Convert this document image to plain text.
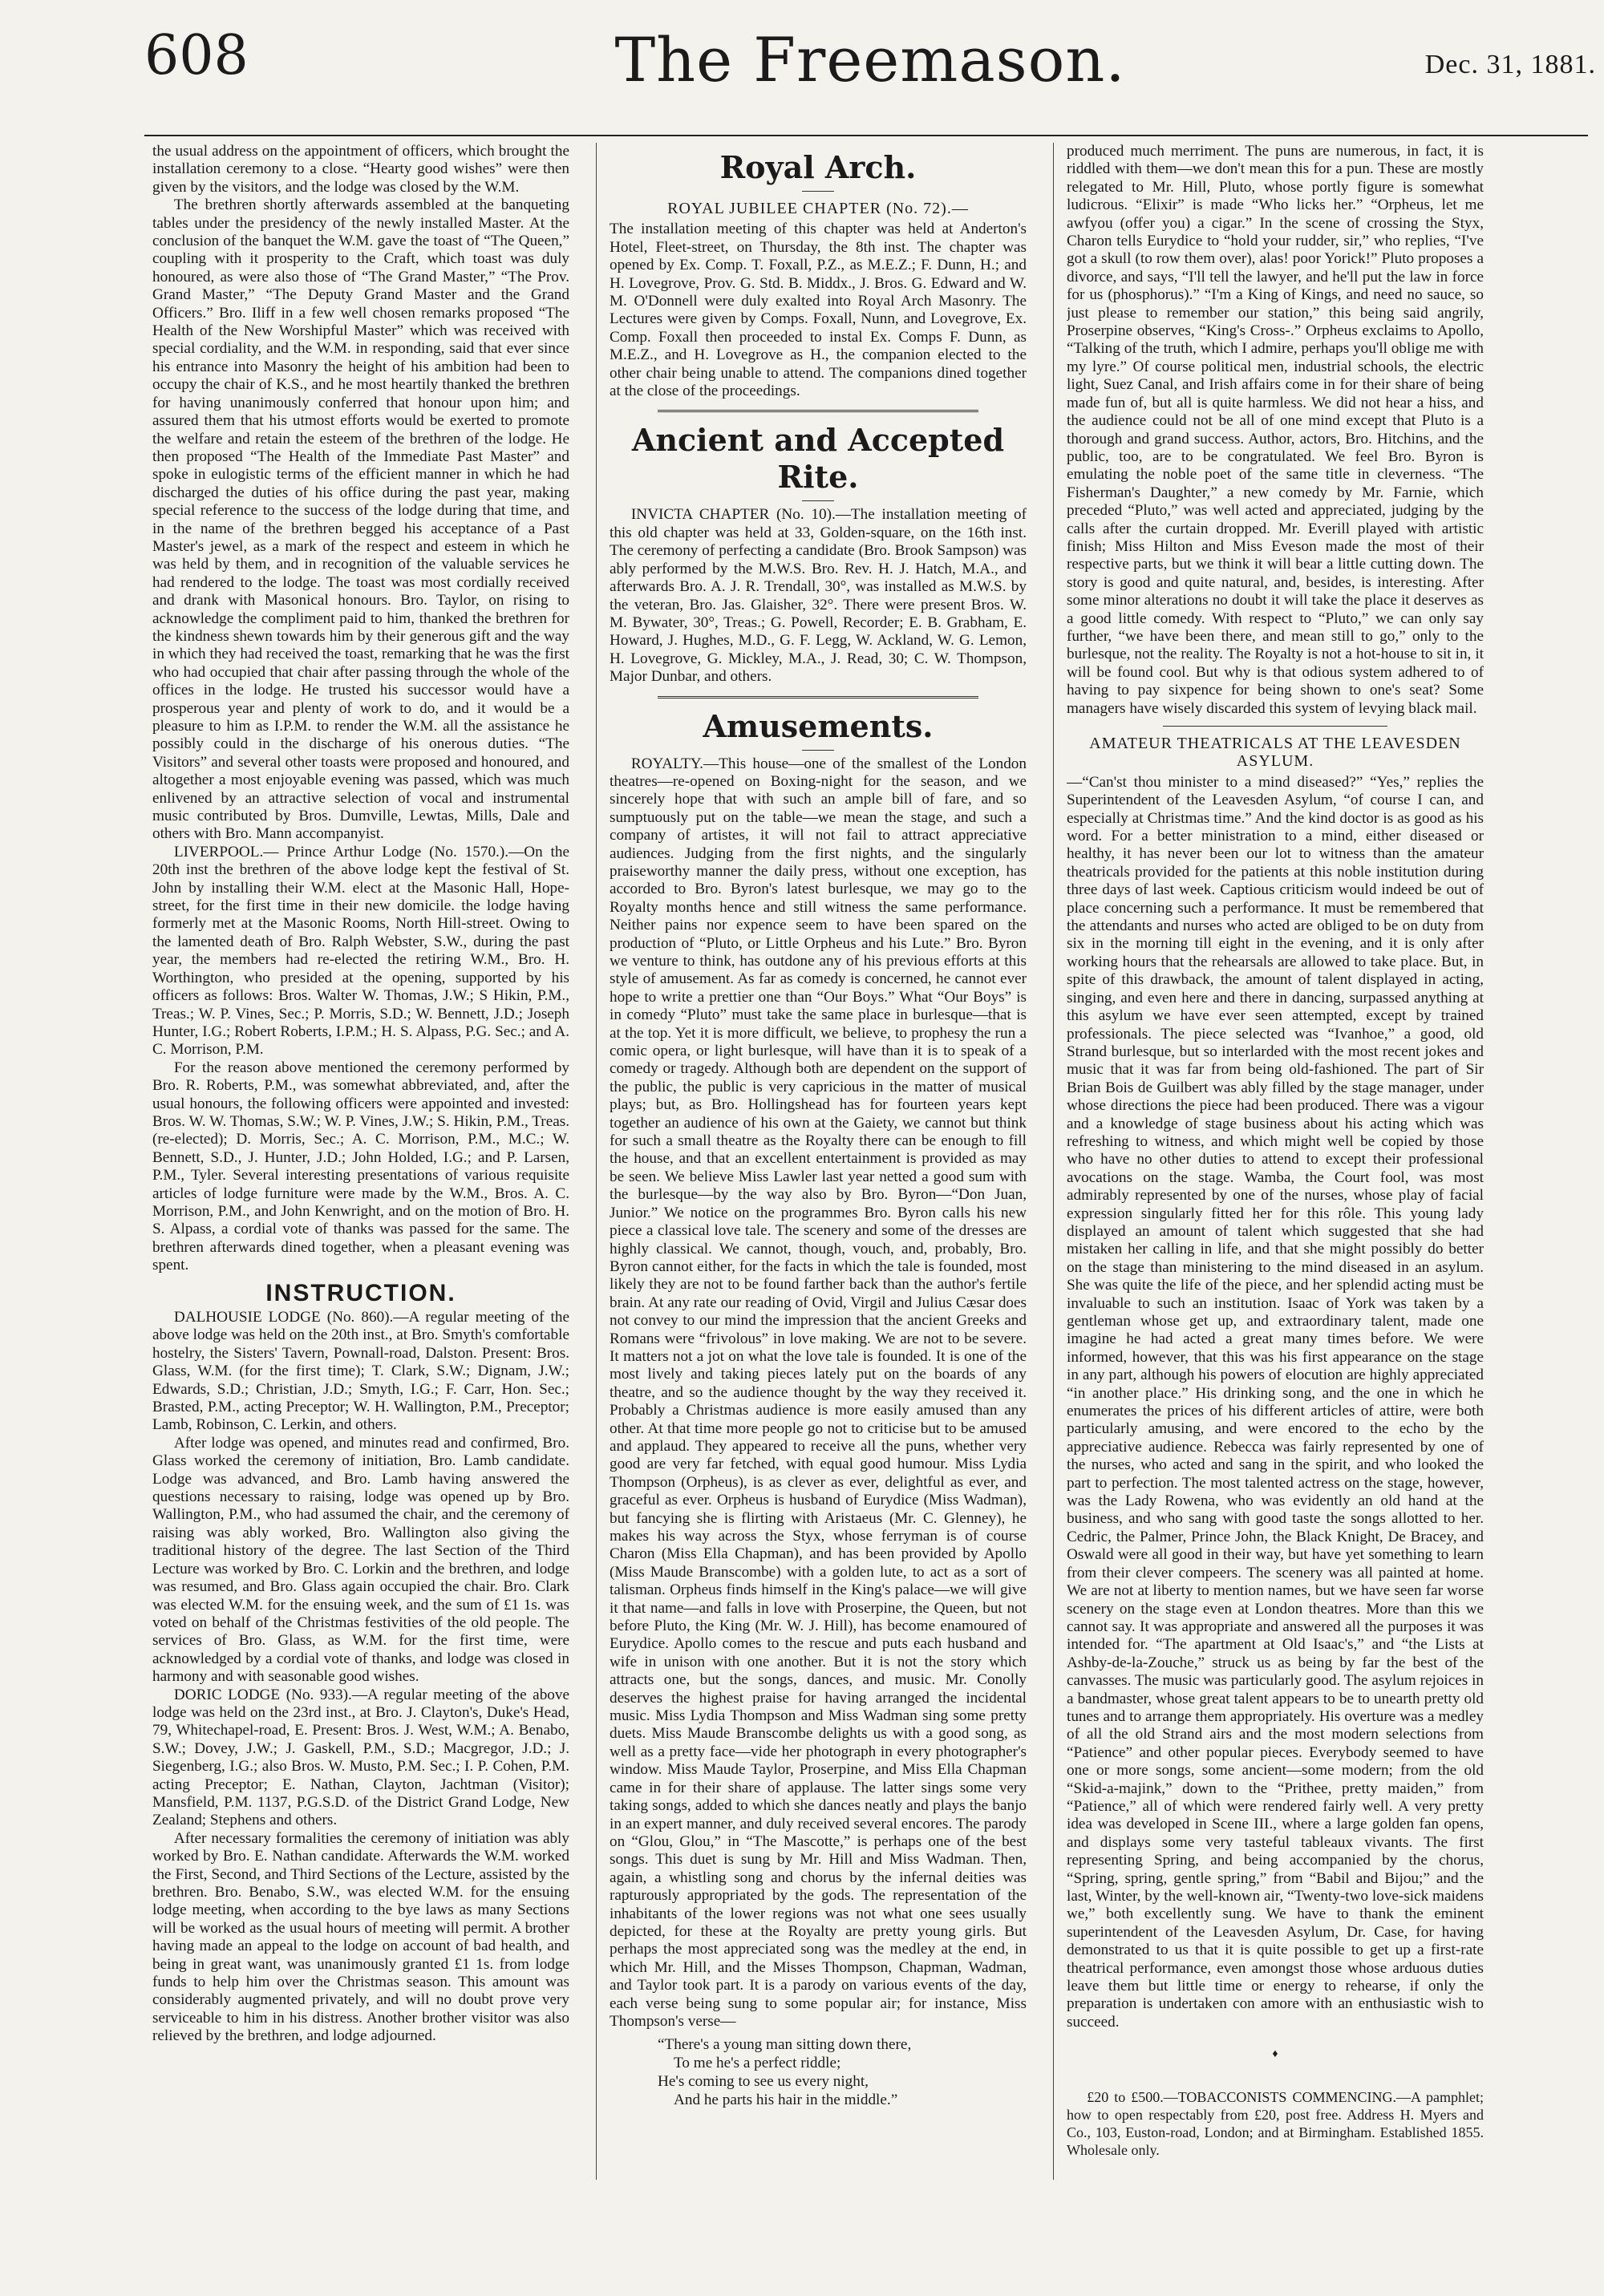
608	The Freemason.	Dec. 31, 1881.

the usual address on the appointment of officers, which brought the installation ceremony to a close. “Hearty good wishes” were then given by the visitors, and the lodge was closed by the W.M.

The brethren shortly afterwards assembled at the banqueting tables under the presidency of the newly installed Master. At the conclusion of the banquet the W.M. gave the toast of “The Queen,” coupling with it prosperity to the Craft, which toast was duly honoured, as were also those of “The Grand Master,” “The Prov. Grand Master,” “The Deputy Grand Master and the Grand Officers.” Bro. Iliff in a few well chosen remarks proposed “The Health of the New Worshipful Master” which was received with special cordiality, and the W.M. in responding, said that ever since his entrance into Masonry the height of his ambition had been to occupy the chair of K.S., and he most heartily thanked the brethren for having unanimously conferred that honour upon him; and assured them that his utmost efforts would be exerted to promote the welfare and retain the esteem of the brethren of the lodge. He then proposed “The Health of the Immediate Past Master” and spoke in eulogistic terms of the efficient manner in which he had discharged the duties of his office during the past year, making special reference to the success of the lodge during that time, and in the name of the brethren begged his acceptance of a Past Master's jewel, as a mark of the respect and esteem in which he was held by them, and in recognition of the valuable services he had rendered to the lodge. The toast was most cordially received and drank with Masonical honours. Bro. Taylor, on rising to acknowledge the compliment paid to him, thanked the brethren for the kindness shewn towards him by their generous gift and the way in which they had received the toast, remarking that he was the first who had occupied that chair after passing through the whole of the offices in the lodge. He trusted his successor would have a prosperous year and plenty of work to do, and it would be a pleasure to him as I.P.M. to render the W.M. all the assistance he possibly could in the discharge of his onerous duties. “The Visitors” and several other toasts were proposed and honoured, and altogether a most enjoyable evening was passed, which was much enlivened by an attractive selection of vocal and instrumental music contributed by Bros. Dumville, Lewtas, Mills, Dale and others with Bro. Mann accompanyist.

LIVERPOOL.— Prince Arthur Lodge (No. 1570.).—On the 20th inst the brethren of the above lodge kept the festival of St. John by installing their W.M. elect at the Masonic Hall, Hope-street, for the first time in their new domicile. the lodge having formerly met at the Masonic Rooms, North Hill-street. Owing to the lamented death of Bro. Ralph Webster, S.W., during the past year, the members had re-elected the retiring W.M., Bro. H. Worthington, who presided at the opening, supported by his officers as follows: Bros. Walter W. Thomas, J.W.; S Hikin, P.M., Treas.; W. P. Vines, Sec.; P. Morris, S.D.; W. Bennett, J.D.; Joseph Hunter, I.G.; Robert Roberts, I.P.M.; H. S. Alpass, P.G. Sec.; and A. C. Morrison, P.M.

For the reason above mentioned the ceremony performed by Bro. R. Roberts, P.M., was somewhat abbreviated, and, after the usual honours, the following officers were appointed and invested: Bros. W. W. Thomas, S.W.; W. P. Vines, J.W.; S. Hikin, P.M., Treas. (re-elected); D. Morris, Sec.; A. C. Morrison, P.M., M.C.; W. Bennett, S.D., J. Hunter, J.D.; John Holded, I.G.; and P. Larsen, P.M., Tyler. Several interesting presentations of various requisite articles of lodge furniture were made by the W.M., Bros. A. C. Morrison, P.M., and John Kenwright, and on the motion of Bro. H. S. Alpass, a cordial vote of thanks was passed for the same. The brethren afterwards dined together, when a pleasant evening was spent.

INSTRUCTION.

DALHOUSIE LODGE (No. 860).—A regular meeting of the above lodge was held on the 20th inst., at Bro. Smyth's comfortable hostelry, the Sisters' Tavern, Pownall-road, Dalston. Present: Bros. Glass, W.M. (for the first time); T. Clark, S.W.; Dignam, J.W.; Edwards, S.D.; Christian, J.D.; Smyth, I.G.; F. Carr, Hon. Sec.; Brasted, P.M., acting Preceptor; W. H. Wallington, P.M., Preceptor; Lamb, Robinson, C. Lerkin, and others.

After lodge was opened, and minutes read and confirmed, Bro. Glass worked the ceremony of initiation, Bro. Lamb candidate. Lodge was advanced, and Bro. Lamb having answered the questions necessary to raising, lodge was opened up by Bro. Wallington, P.M., who had assumed the chair, and the ceremony of raising was ably worked, Bro. Wallington also giving the traditional history of the degree. The last Section of the Third Lecture was worked by Bro. C. Lorkin and the brethren, and lodge was resumed, and Bro. Glass again occupied the chair. Bro. Clark was elected W.M. for the ensuing week, and the sum of £1 1s. was voted on behalf of the Christmas festivities of the old people. The services of Bro. Glass, as W.M. for the first time, were acknowledged by a cordial vote of thanks, and lodge was closed in harmony and with seasonable good wishes.

DORIC LODGE (No. 933).—A regular meeting of the above lodge was held on the 23rd inst., at Bro. J. Clayton's, Duke's Head, 79, Whitechapel-road, E. Present: Bros. J. West, W.M.; A. Benabo, S.W.; Dovey, J.W.; J. Gaskell, P.M., S.D.; Macgregor, J.D.; J. Siegenberg, I.G.; also Bros. W. Musto, P.M. Sec.; I. P. Cohen, P.M. acting Preceptor; E. Nathan, Clayton, Jachtman (Visitor); Mansfield, P.M. 1137, P.G.S.D. of the District Grand Lodge, New Zealand; Stephens and others.

After necessary formalities the ceremony of initiation was ably worked by Bro. E. Nathan candidate. Afterwards the W.M. worked the First, Second, and Third Sections of the Lecture, assisted by the brethren. Bro. Benabo, S.W., was elected W.M. for the ensuing lodge meeting, when according to the bye laws as many Sections will be worked as the usual hours of meeting will permit. A brother having made an appeal to the lodge on account of bad health, and being in great want, was unanimously granted £1 1s. from lodge funds to help him over the Christmas season. This amount was considerably augmented privately, and will no doubt prove very serviceable to him in his distress. Another brother visitor was also relieved by the brethren, and lodge adjourned.

Royal Arch.
ROYAL JUBILEE CHAPTER (No. 72).—

The installation meeting of this chapter was held at Anderton's Hotel, Fleet-street, on Thursday, the 8th inst. The chapter was opened by Ex. Comp. T. Foxall, P.Z., as M.E.Z.; F. Dunn, H.; and H. Lovegrove, Prov. G. Std. B. Middx., J. Bros. G. Edward and W. M. O'Donnell were duly exalted into Royal Arch Masonry. The Lectures were given by Comps. Foxall, Nunn, and Lovegrove, Ex. Comp. Foxall then proceeded to instal Ex. Comps F. Dunn, as M.E.Z., and H. Lovegrove as H., the companion elected to the other chair being unable to attend. The companions dined together at the close of the proceedings.

Ancient and Accepted Rite.

INVICTA CHAPTER (No. 10).—The installation meeting of this old chapter was held at 33, Golden-square, on the 16th inst. The ceremony of perfecting a candidate (Bro. Brook Sampson) was ably performed by the M.W.S. Bro. Rev. H. J. Hatch, M.A., and afterwards Bro. A. J. R. Trendall, 30°, was installed as M.W.S. by the veteran, Bro. Jas. Glaisher, 32°. There were present Bros. W. M. Bywater, 30°, Treas.; G. Powell, Recorder; E. B. Grabham, E. Howard, J. Hughes, M.D., G. F. Legg, W. Ackland, W. G. Lemon, H. Lovegrove, G. Mickley, M.A., J. Read, 30; C. W. Thompson, Major Dunbar, and others.

Amusements.

ROYALTY.—This house—one of the smallest of the London theatres—re-opened on Boxing-night for the season, and we sincerely hope that with such an ample bill of fare, and so sumptuously put on the table—we mean the stage, and such a company of artistes, it will not fail to attract appreciative audiences. Judging from the first nights, and the singularly praiseworthy manner the daily press, without one exception, has accorded to Bro. Byron's latest burlesque, we may go to the Royalty months hence and still witness the same performance. Neither pains nor expence seem to have been spared on the production of “Pluto, or Little Orpheus and his Lute.” Bro. Byron we venture to think, has outdone any of his previous efforts at this style of amusement. As far as comedy is concerned, he cannot ever hope to write a prettier one than “Our Boys.” What “Our Boys” is in comedy “Pluto” must take the same place in burlesque—that is at the top. Yet it is more difficult, we believe, to prophesy the run a comic opera, or light burlesque, will have than it is to speak of a comedy or tragedy. Although both are dependent on the support of the public, the public is very capricious in the matter of musical plays; but, as Bro. Hollingshead has for fourteen years kept together an audience of his own at the Gaiety, we cannot but think for such a small theatre as the Royalty there can be enough to fill the house, and that an excellent entertainment is provided as may be seen. We believe Miss Lawler last year netted a good sum with the burlesque—by the way also by Bro. Byron—“Don Juan, Junior.” We notice on the programmes Bro. Byron calls his new piece a classical love tale. The scenery and some of the dresses are highly classical. We cannot, though, vouch, and, probably, Bro. Byron cannot either, for the facts in which the tale is founded, most likely they are not to be found farther back than the author's fertile brain. At any rate our reading of Ovid, Virgil and Julius Cæsar does not convey to our mind the impression that the ancient Greeks and Romans were “frivolous” in love making. We are not to be severe. It matters not a jot on what the love tale is founded. It is one of the most lively and taking pieces lately put on the boards of any theatre, and so the audience thought by the way they received it. Probably a Christmas audience is more easily amused than any other. At that time more people go not to criticise but to be amused and applaud. They appeared to receive all the puns, whether very good are very far fetched, with equal good humour. Miss Lydia Thompson (Orpheus), is as clever as ever, delightful as ever, and graceful as ever. Orpheus is husband of Eurydice (Miss Wadman), but fancying she is flirting with Aristaeus (Mr. C. Glenney), he makes his way across the Styx, whose ferryman is of course Charon (Miss Ella Chapman), and has been provided by Apollo (Miss Maude Branscombe) with a golden lute, to act as a sort of talisman. Orpheus finds himself in the King's palace—we will give it that name—and falls in love with Proserpine, the Queen, but not before Pluto, the King (Mr. W. J. Hill), has become enamoured of Eurydice. Apollo comes to the rescue and puts each husband and wife in unison with one another. But it is not the story which attracts one, but the songs, dances, and music. Mr. Conolly deserves the highest praise for having arranged the incidental music. Miss Lydia Thompson and Miss Wadman sing some pretty duets. Miss Maude Branscombe delights us with a good song, as well as a pretty face—vide her photograph in every photographer's window. Miss Maude Taylor, Proserpine, and Miss Ella Chapman came in for their share of applause. The latter sings some very taking songs, added to which she dances neatly and plays the banjo in an expert manner, and duly received several encores. The parody on “Glou, Glou,” in “The Mascotte,” is perhaps one of the best songs. This duet is sung by Mr. Hill and Miss Wadman. Then, again, a whistling song and chorus by the infernal deities was rapturously appropriated by the gods. The representation of the inhabitants of the lower regions was not what one sees usually depicted, for these at the Royalty are pretty young girls. But perhaps the most appreciated song was the medley at the end, in which Mr. Hill, and the Misses Thompson, Chapman, Wadman, and Taylor took part. It is a parody on various events of the day, each verse being sung to some popular air; for instance, Miss Thompson's verse—

“There's a young man sitting down there,
To me he's a perfect riddle;
He's coming to see us every night,
And he parts his hair in the middle.”

produced much merriment. The puns are numerous, in fact, it is riddled with them—we don't mean this for a pun. These are mostly relegated to Mr. Hill, Pluto, whose portly figure is somewhat ludicrous. “Elixir” is made “Who licks her.” “Orpheus, let me awfyou (offer you) a cigar.” In the scene of crossing the Styx, Charon tells Eurydice to “hold your rudder, sir,” who replies, “I've got a skull (to row them over), alas! poor Yorick!” Pluto proposes a divorce, and says, “I'll tell the lawyer, and he'll put the law in force for us (phosphorus).” “I'm a King of Kings, and need no sauce, so just please to remember our station,” this being said angrily, Proserpine observes, “King's Cross-.” Orpheus exclaims to Apollo, “Talking of the truth, which I admire, perhaps you'll oblige me with my lyre.” Of course political men, industrial schools, the electric light, Suez Canal, and Irish affairs come in for their share of being made fun of, but all is quite harmless. We did not hear a hiss, and the audience could not be all of one mind except that Pluto is a thorough and grand success. Author, actors, Bro. Hitchins, and the public, too, are to be congratulated. We feel Bro. Byron is emulating the noble poet of the same title in cleverness. “The Fisherman's Daughter,” a new comedy by Mr. Farnie, which preceded “Pluto,” was well acted and appreciated, judging by the calls after the curtain dropped. Mr. Everill played with artistic finish; Miss Hilton and Miss Eveson made the most of their respective parts, but we think it will bear a little cutting down. The story is good and quite natural, and, besides, is interesting. After some minor alterations no doubt it will take the place it deserves as a good little comedy. With respect to “Pluto,” we can only say further, “we have been there, and mean still to go,” only to the burlesque, not the reality. The Royalty is not a hot-house to sit in, it will be found cool. But why is that odious system adhered to of having to pay sixpence for being shown to one's seat? Some managers have wisely discarded this system of levying black mail.

AMATEUR THEATRICALS AT THE LEAVESDEN ASYLUM.

—“Can'st thou minister to a mind diseased?” “Yes,” replies the Superintendent of the Leavesden Asylum, “of course I can, and especially at Christmas time.” And the kind doctor is as good as his word. For a better ministration to a mind, either diseased or healthy, it has never been our lot to witness than the amateur theatricals provided for the patients at this noble institution during three days of last week. Captious criticism would indeed be out of place concerning such a performance. It must be remembered that the attendants and nurses who acted are obliged to be on duty from six in the morning till eight in the evening, and it is only after working hours that the rehearsals are allowed to take place. But, in spite of this drawback, the amount of talent displayed in acting, singing, and even here and there in dancing, surpassed anything at this asylum we have ever seen attempted, except by trained professionals. The piece selected was “Ivanhoe,” a good, old Strand burlesque, but so interlarded with the most recent jokes and music that it was far from being old-fashioned. The part of Sir Brian Bois de Guilbert was ably filled by the stage manager, under whose directions the piece had been produced. There was a vigour and a knowledge of stage business about his acting which was refreshing to witness, and which might well be copied by those who have no other duties to attend to except their professional avocations on the stage. Wamba, the Court fool, was most admirably represented by one of the nurses, whose play of facial expression singularly fitted her for this rôle. This young lady displayed an amount of talent which suggested that she had mistaken her calling in life, and that she might possibly do better on the stage than ministering to the mind diseased in an asylum. She was quite the life of the piece, and her splendid acting must be invaluable to such an institution. Isaac of York was taken by a gentleman whose get up, and extraordinary talent, made one imagine he had acted a great many times before. We were informed, however, that this was his first appearance on the stage in any part, although his powers of elocution are highly appreciated “in another place.” His drinking song, and the one in which he enumerates the prices of his different articles of attire, were both particularly amusing, and were encored to the echo by the appreciative audience. Rebecca was fairly represented by one of the nurses, who acted and sang in the spirit, and who looked the part to perfection. The most talented actress on the stage, however, was the Lady Rowena, who was evidently an old hand at the business, and who sang with good taste the songs allotted to her. Cedric, the Palmer, Prince John, the Black Knight, De Bracey, and Oswald were all good in their way, but have yet something to learn from their clever compeers. The scenery was all painted at home. We are not at liberty to mention names, but we have seen far worse scenery on the stage even at London theatres. More than this we cannot say. It was appropriate and answered all the purposes it was intended for. “The apartment at Old Isaac's,” and “the Lists at Ashby-de-la-Zouche,” struck us as being by far the best of the canvasses. The music was particularly good. The asylum rejoices in a bandmaster, whose great talent appears to be to unearth pretty old tunes and to arrange them appropriately. His overture was a medley of all the old Strand airs and the most modern selections from “Patience” and other popular pieces. Everybody seemed to have one or more songs, some ancient—some modern; from the old “Skid-a-majink,” down to the “Prithee, pretty maiden,” from “Patience,” all of which were rendered fairly well. A very pretty idea was developed in Scene III., where a large golden fan opens, and displays some very tasteful tableaux vivants. The first representing Spring, and being accompanied by the chorus, “Spring, spring, gentle spring,” from “Babil and Bijou;” and the last, Winter, by the well-known air, “Twenty-two love-sick maidens we,” both excellently sung. We have to thank the eminent superintendent of the Leavesden Asylum, Dr. Case, for having demonstrated to us that it is quite possible to get up a first-rate theatrical performance, even amongst those whose arduous duties leave them but little time or energy to rehearse, if only the preparation is undertaken con amore with an enthusiastic wish to succeed.

♦

£20 to £500.—TOBACCONISTS COMMENCING.—A pamphlet; how to open respectably from £20, post free. Address H. Myers and Co., 103, Euston-road, London; and at Birmingham. Established 1855. Wholesale only.
